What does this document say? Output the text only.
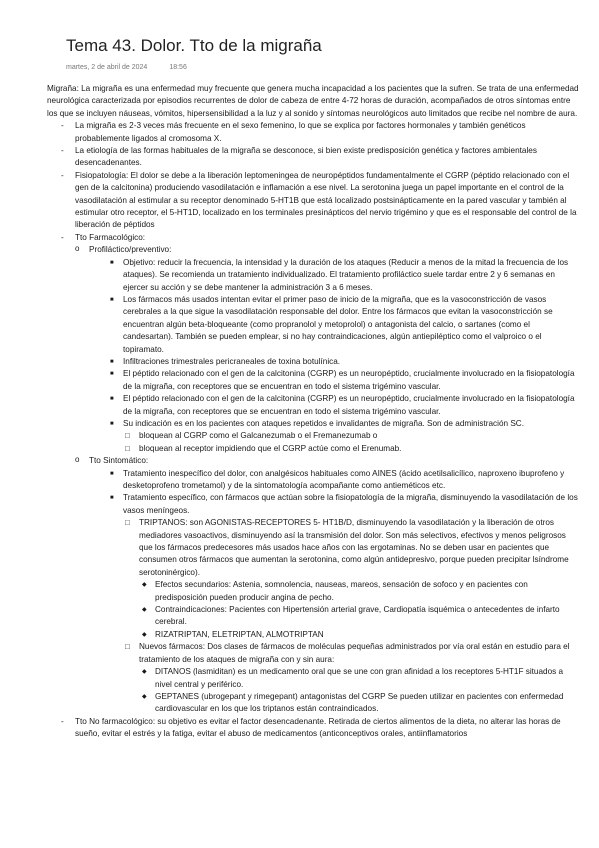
Tema 43. Dolor. Tto de la migraña
martes, 2 de abril de 2024	18:56

Migraña: La migraña es una enfermedad muy frecuente que genera mucha incapacidad a los pacientes que la sufren. Se trata de una enfermedad neurológica caracterizada por episodios recurrentes de dolor de cabeza de entre 4-72 horas de duración, acompañados de otros síntomas entre los que se incluyen náuseas, vómitos, hipersensibilidad a la luz y al sonido y síntomas neurológicos auto limitados que recibe nel nombre de aura.

- La migraña es 2-3 veces más frecuente en el sexo femenino, lo que se explica por factores hormonales y también genéticos probablemente ligados al cromosoma X.
- La etiología de las formas habituales de la migraña se desconoce, si bien existe predisposición genética y factores ambientales desencadenantes.
- Fisiopatología: El dolor se debe a la liberación leptomeningea de neuropéptidos fundamentalmente el CGRP (péptido relacionado con el gen de la calcitonina) produciendo vasodilatación e inflamación a ese nivel. La serotonina juega un papel importante en el control de la vasodilatación al estimular a su receptor denominado 5-HT1B que está localizado postsinápticamente en la pared vascular y también al estimular otro receptor, el 5-HT1D, localizado en los terminales presinápticos del nervio trigémino y que es el responsable del control de la liberación de péptidos
- Tto Farmacológico:
o Profiláctico/preventivo:
■ Objetivo: reducir la frecuencia, la intensidad y la duración de los ataques (Reducir a menos de la mitad la frecuencia de los ataques). Se recomienda un tratamiento individualizado. El tratamiento profiláctico suele tardar entre 2 y 6 semanas en ejercer su acción y se debe mantener la administración 3 a 6 meses.
■ Los fármacos más usados intentan evitar el primer paso de inicio de la migraña, que es la vasoconstricción de vasos cerebrales a la que sigue la vasodilatación responsable del dolor. Entre los fármacos que evitan la vasoconstricción se encuentran algún beta-bloqueante (como propranolol y metoprolol) o antagonista del calcio, o sartanes (como el candesartan). También se pueden emplear, si no hay contraindicaciones, algún antiepiléptico como el valproico o el topiramato.
■ Infiltraciones trimestrales pericraneales de toxina botulínica.
■ El péptido relacionado con el gen de la calcitonina (CGRP) es un neuropéptido, crucialmente involucrado en la fisiopatología de la migraña, con receptores que se encuentran en todo el sistema trigémino vascular.
■ El péptido relacionado con el gen de la calcitonina (CGRP) es un neuropéptido, crucialmente involucrado en la fisiopatología de la migraña, con receptores que se encuentran en todo el sistema trigémino vascular.
■ Su indicación es en los pacientes con ataques repetidos e invalidantes de migraña. Son de administración SC.
□ bloquean al CGRP como el Galcanezumab o el Fremanezumab o
□ bloquean al receptor impidiendo que el CGRP actúe como el Erenumab.
o Tto Sintomático:
■ Tratamiento inespecífico del dolor, con analgésicos habituales como AINES (ácido acetilsalicílico, naproxeno ibuprofeno y desketoprofeno trometamol) y de la sintomatología acompañante como antieméticos etc.
■ Tratamiento específico, con fármacos que actúan sobre la fisiopatología de la migraña, disminuyendo la vasodilatación de los vasos meníngeos.
□ TRIPTANOS: son AGONISTAS-RECEPTORES 5- HT1B/D, disminuyendo la vasodilatación y la liberación de otros mediadores vasoactivos, disminuyendo así la transmisión del dolor. Son más selectivos, efectivos y menos peligrosos que los fármacos predecesores más usados hace años con las ergotaminas. No se deben usar en pacientes que consumen otros fármacos que aumentan la serotonina, como algún antidepresivo, porque pueden precipitar lsíndrome serotoninérgico).
◆ Efectos secundarios: Astenia, somnolencia, nauseas, mareos, sensación de sofoco y en pacientes con predisposición pueden producir angina de pecho.
◆ Contraindicaciones: Pacientes con Hipertensión arterial grave, Cardiopatía isquémica o antecedentes de infarto cerebral.
◆ RIZATRIPTAN, ELETRIPTAN, ALMOTRIPTAN
□ Nuevos fármacos: Dos clases de fármacos de moléculas pequeñas administrados por vía oral están en estudio para el tratamiento de los ataques de migraña con y sin aura:
◆ DITANOS (lasmiditan) es un medicamento oral que se une con gran afinidad a los receptores 5-HT1F situados a nivel central y periférico.
◆ GEPTANES (ubrogepant y rimegepant) antagonistas del CGRP Se pueden utilizar en pacientes con enfermedad cardiovascular en los que los triptanos están contraindicados.
- Tto No farmacológico: su objetivo es evitar el factor desencadenante. Retirada de ciertos alimentos de la dieta, no alterar las horas de sueño, evitar el estrés y la fatiga, evitar el abuso de medicamentos (anticonceptivos orales, antiinflamatorios
